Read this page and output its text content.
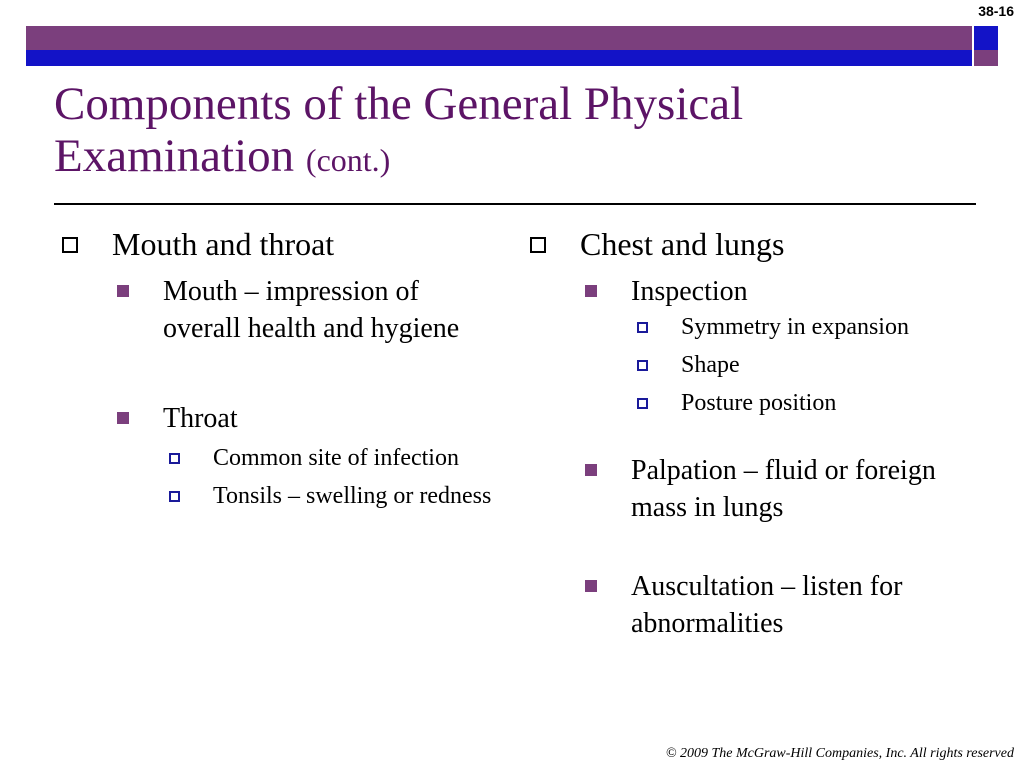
38-16
Components of the General Physical Examination (cont.)
Mouth and throat
Mouth – impression of overall health and hygiene
Throat
Common site of infection
Tonsils – swelling or redness
Chest and lungs
Inspection
Symmetry in expansion
Shape
Posture position
Palpation – fluid or foreign mass in lungs
Auscultation – listen for abnormalities
© 2009 The McGraw-Hill Companies, Inc. All rights reserved
